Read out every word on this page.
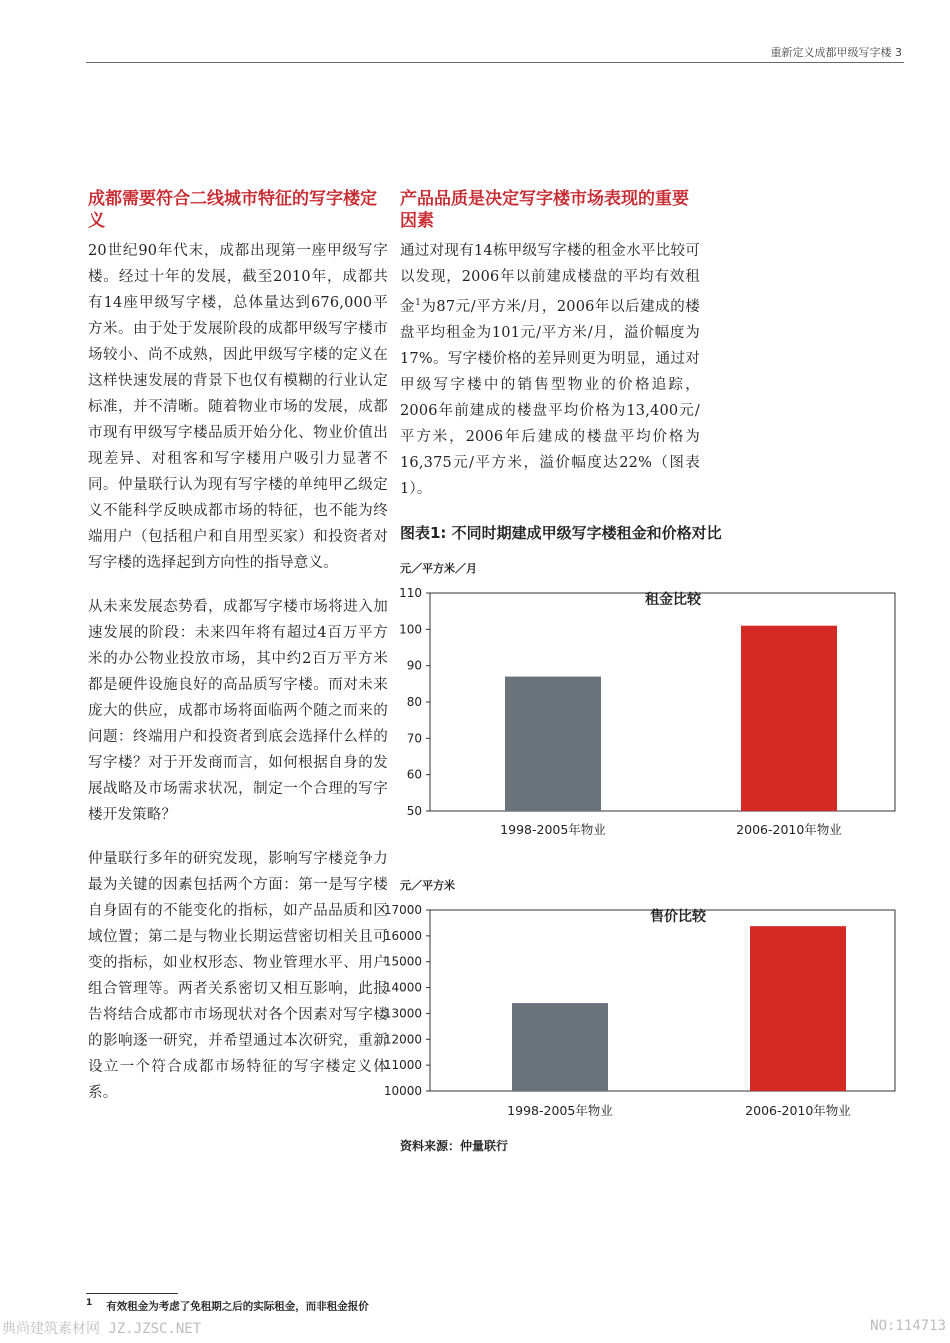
重新定义成都甲级写字楼 3
成都需要符合二线城市特征的写字楼定义

20世纪90年代末，成都出现第一座甲级写字楼。经过十年的发展，截至2010年，成都共有14座甲级写字楼，总体量达到676,000平方米。由于处于发展阶段的成都甲级写字楼市场较小、尚不成熟，因此甲级写字楼的定义在这样快速发展的背景下也仅有模糊的行业认定标准，并不清晰。随着物业市场的发展，成都市现有甲级写字楼品质开始分化、物业价值出现差异、对租客和写字楼用户吸引力显著不同。仲量联行认为现有写字楼的单纯甲乙级定义不能科学反映成都市场的特征，也不能为终端用户（包括租户和自用型买家）和投资者对写字楼的选择起到方向性的指导意义。

从未来发展态势看，成都写字楼市场将进入加速发展的阶段：未来四年将有超过4百万平方米的办公物业投放市场，其中约2百万平方米都是硬件设施良好的高品质写字楼。而对未来庞大的供应，成都市场将面临两个随之而来的问题：终端用户和投资者到底会选择什么样的写字楼？对于开发商而言，如何根据自身的发展战略及市场需求状况，制定一个合理的写字楼开发策略？

仲量联行多年的研究发现，影响写字楼竞争力最为关键的因素包括两个方面：第一是写字楼自身固有的不能变化的指标，如产品品质和区域位置；第二是与物业长期运营密切相关且可变的指标，如业权形态、物业管理水平、用户组合管理等。两者关系密切又相互影响，此报告将结合成都市市场现状对各个因素对写字楼的影响逐一研究，并希望通过本次研究，重新设立一个符合成都市场特征的写字楼定义体系。

产品品质是决定写字楼市场表现的重要因素

通过对现有14栋甲级写字楼的租金水平比较可以发现，2006年以前建成楼盘的平均有效租金$^1$为87元/平方米/月，2006年以后建成的楼盘平均租金为101元/平方米/月，溢价幅度为17%。写字楼价格的差异则更为明显，通过对甲级写字楼中的销售型物业的价格追踪，2006年前建成的楼盘平均价格为13,400元/平方米，2006年后建成的楼盘平均价格为16,375元/平方米，溢价幅度达22%（图表1）。

图表1: 不同时期建成甲级写字楼租金和价格对比
元／平方米／月
50
60
70
80
90
100
110
1998-2005年物业	2006-2010年物业
租金比较
元／平方米
10000
11000
12000
13000
14000
15000
16000
17000
1998-2005年物业	2006-2010年物业
售价比较
资料来源：仲量联行
1 有效租金为考虑了免租期之后的实际租金，而非租金报价
典尚建筑素材网 JZ.JZSC.NET	NO:114713
